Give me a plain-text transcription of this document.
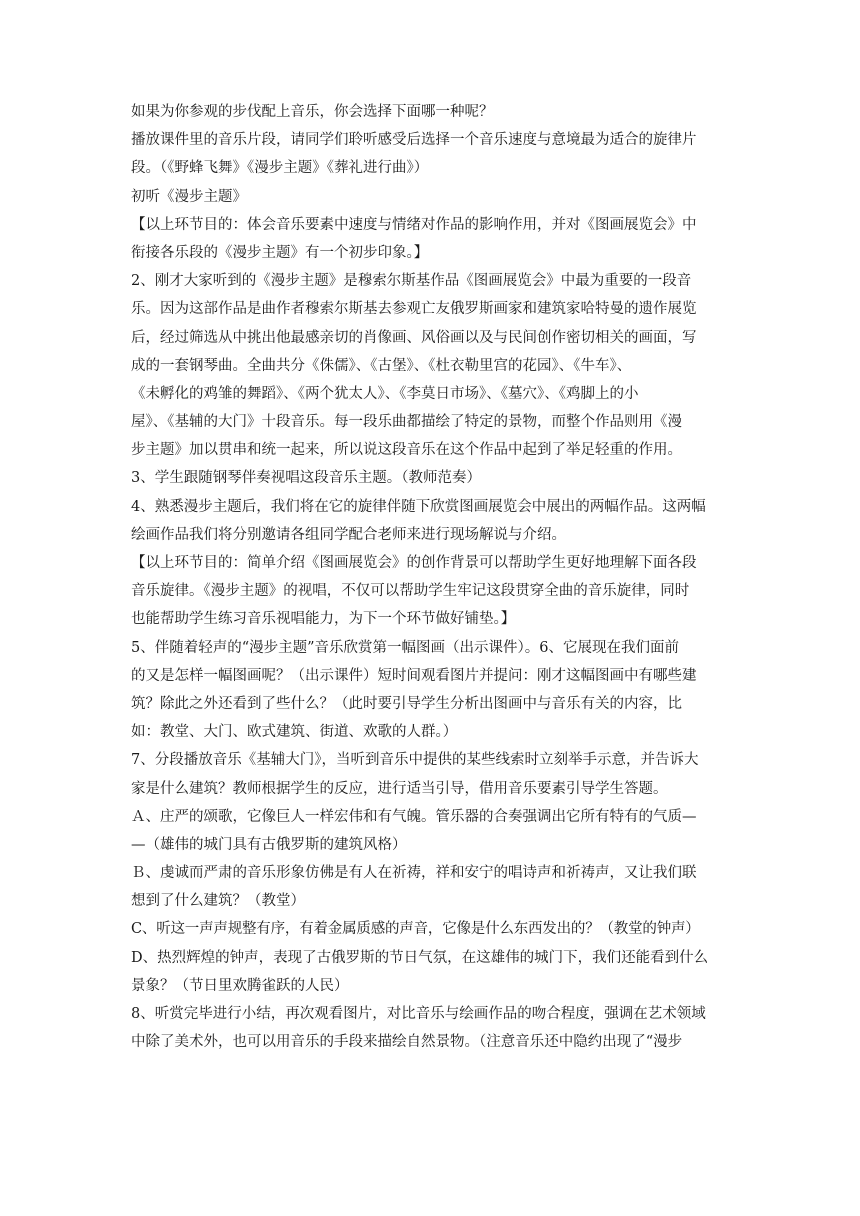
如果为你参观的步伐配上音乐，你会选择下面哪一种呢？
播放课件里的音乐片段，请同学们聆听感受后选择一个音乐速度与意境最为适合的旋律片
段。（《野蜂飞舞》《漫步主题》《葬礼进行曲》）
初听《漫步主题》
【以上环节目的：体会音乐要素中速度与情绪对作品的影响作用，并对《图画展览会》中
衔接各乐段的《漫步主题》有一个初步印象。】
2、刚才大家听到的《漫步主题》是穆索尔斯基作品《图画展览会》中最为重要的一段音
乐。因为这部作品是曲作者穆索尔斯基去参观亡友俄罗斯画家和建筑家哈特曼的遗作展览
后，经过筛选从中挑出他最感亲切的肖像画、风俗画以及与民间创作密切相关的画面，写
成的一套钢琴曲。全曲共分《侏儒》、《古堡》、《杜衣勒里宫的花园》、《牛车》、
《未孵化的鸡雏的舞蹈》、《两个犹太人》、《李莫日市场》、《墓穴》、《鸡脚上的小
屋》、《基辅的大门》十段音乐。每一段乐曲都描绘了特定的景物，而整个作品则用《漫
步主题》加以贯串和统一起来，所以说这段音乐在这个作品中起到了举足轻重的作用。
3、学生跟随钢琴伴奏视唱这段音乐主题。（教师范奏）
4、熟悉漫步主题后，我们将在它的旋律伴随下欣赏图画展览会中展出的两幅作品。这两幅
绘画作品我们将分别邀请各组同学配合老师来进行现场解说与介绍。
【以上环节目的：简单介绍《图画展览会》的创作背景可以帮助学生更好地理解下面各段
音乐旋律。《漫步主题》的视唱，不仅可以帮助学生牢记这段贯穿全曲的音乐旋律，同时
也能帮助学生练习音乐视唱能力，为下一个环节做好铺垫。】
5、伴随着轻声的“漫步主题”音乐欣赏第一幅图画（出示课件）。6、它展现在我们面前
的又是怎样一幅图画呢？（出示课件）短时间观看图片并提问：刚才这幅图画中有哪些建
筑？除此之外还看到了些什么？（此时要引导学生分析出图画中与音乐有关的内容，比
如：教堂、大门、欧式建筑、街道、欢歌的人群。）
7、分段播放音乐《基辅大门》，当听到音乐中提供的某些线索时立刻举手示意，并告诉大
家是什么建筑？教师根据学生的反应，进行适当引导，借用音乐要素引导学生答题。
Ａ、庄严的颂歌，它像巨人一样宏伟和有气魄。管乐器的合奏强调出它所有特有的气质—
—（雄伟的城门具有古俄罗斯的建筑风格）
Ｂ、虔诚而严肃的音乐形象仿佛是有人在祈祷，祥和安宁的唱诗声和祈祷声，又让我们联
想到了什么建筑？（教堂）
C、听这一声声规整有序，有着金属质感的声音，它像是什么东西发出的？（教堂的钟声）
D、热烈辉煌的钟声，表现了古俄罗斯的节日气氛，在这雄伟的城门下，我们还能看到什么
景象？（节日里欢腾雀跃的人民）
8、听赏完毕进行小结，再次观看图片，对比音乐与绘画作品的吻合程度，强调在艺术领域
中除了美术外，也可以用音乐的手段来描绘自然景物。（注意音乐还中隐约出现了“漫步
